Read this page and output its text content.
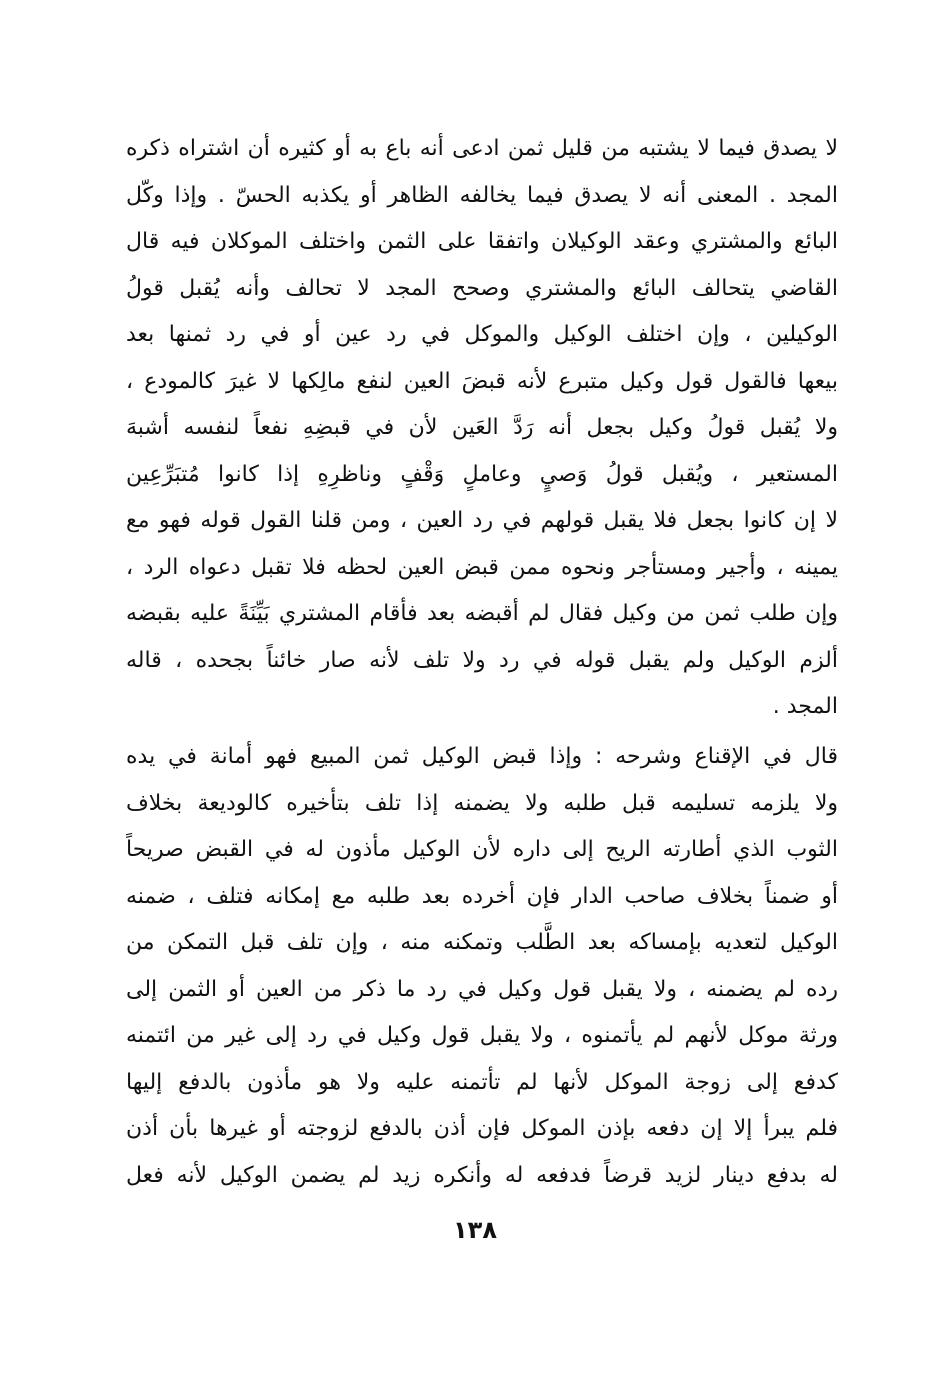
لا يصدق فيما لا يشتبه من قليل ثمن ادعى أنه باع به أو كثيره أن اشتراه ذكره
المجد . المعنى أنه لا يصدق فيما يخالفه الظاهر أو يكذبه الحسّ . وإذا وكّل
البائع والمشتري وعقد الوكيلان واتفقا على الثمن واختلف الموكلان فيه قال
القاضي يتحالف البائع والمشتري وصحح المجد لا تحالف وأنه يُقبل قولُ
الوكيلين ، وإن اختلف الوكيل والموكل في رد عين أو في رد ثمنها بعد
بيعها فالقول قول وكيل متبرع لأنه قبضَ العين لنفع مالِكها لا غيرَ كالمودع ،
ولا يُقبل قولُ وكيل بجعل أنه رَدَّ العَين لأن في قبضِهِ نفعاً لنفسه أشبهَ
المستعير ، ويُقبل قولُ وَصيٍ وعاملٍ وَقْفٍ وناظرِهِ إذا كانوا مُتبَرِّعِين
لا إن كانوا بجعل فلا يقبل قولهم في رد العين ، ومن قلنا القول قوله فهو مع
يمينه ، وأجير ومستأجر ونحوه ممن قبض العين لحظه فلا تقبل دعواه الرد ،
وإن طلب ثمن من وكيل فقال لم أقبضه بعد فأقام المشتري بَيِّنَةً عليه بقبضه
ألزم الوكيل ولم يقبل قوله في رد ولا تلف لأنه صار خائناً بجحده ، قاله
المجد .
قال في الإقناع وشرحه : وإذا قبض الوكيل ثمن المبيع فهو أمانة في يده
ولا يلزمه تسليمه قبل طلبه ولا يضمنه إذا تلف بتأخيره كالوديعة بخلاف
الثوب الذي أطارته الريح إلى داره لأن الوكيل مأذون له في القبض صريحاً
أو ضمناً بخلاف صاحب الدار فإن أخرده بعد طلبه مع إمكانه فتلف ، ضمنه
الوكيل لتعديه بإمساكه بعد الطَّلب وتمكنه منه ، وإن تلف قبل التمكن من
رده لم يضمنه ، ولا يقبل قول وكيل في رد ما ذكر من العين أو الثمن إلى
ورثة موكل لأنهم لم يأتمنوه ، ولا يقبل قول وكيل في رد إلى غير من ائتمنه
كدفع إلى زوجة الموكل لأنها لم تأتمنه عليه ولا هو مأذون بالدفع إليها
فلم يبرأ إلا إن دفعه بإذن الموكل فإن أذن بالدفع لزوجته أو غيرها بأن أذن
له بدفع دينار لزيد قرضاً فدفعه له وأنكره زيد لم يضمن الوكيل لأنه فعل
١٣٨
